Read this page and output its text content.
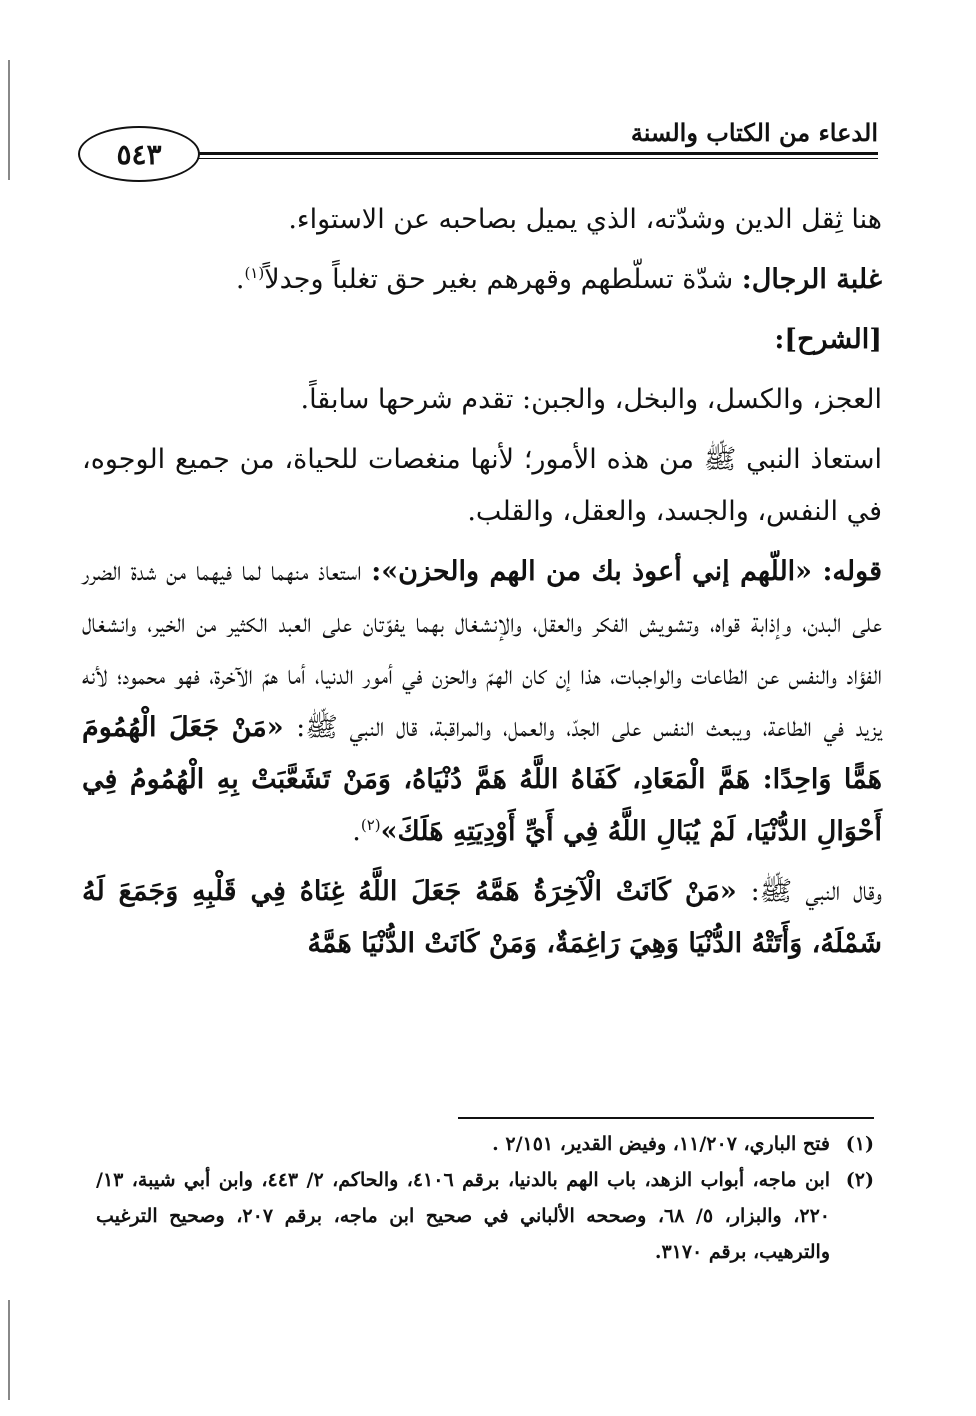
الدعاء من الكتاب والسنة
٥٤٣

هنا ثِقل الدين وشدّته، الذي يميل بصاحبه عن الاستواء.

غلبة الرجال: شدّة تسلّطهم وقهرهم بغير حق تغلباً وجدلاً$^{(١)}$.

[الشرح]:

العجز، والكسل، والبخل، والجبن: تقدم شرحها سابقاً.

استعاذ النبي ﷺ من هذه الأمور؛ لأنها منغصات للحياة، من جميع الوجوه، في النفس، والجسد، والعقل، والقلب.

قوله: «اللّهم إني أعوذ بك من الهم والحزن»: استعاذ منهما لما فيهما من شدة الضرر على البدن، وإذابة قواه، وتشويش الفكر والعقل، والإنشغال بهما يفوّتان على العبد الكثير من الخير، وانشغال الفؤاد والنفس عن الطاعات والواجبات، هذا إن كان الهمّ والحزن في أمور الدنيا، أما همّ الآخرة، فهو محمود؛ لأنه يزيد في الطاعة، ويبعث النفس على الجدّ، والعمل، والمراقبة، قال النبي ﷺ: «مَنْ جَعَلَ الْهُمُومَ هَمًّا وَاحِدًا: هَمَّ الْمَعَادِ، كَفَاهُ اللَّهُ هَمَّ دُنْيَاهُ، وَمَنْ تَشَعَّبَتْ بِهِ الْهُمُومُ فِي أَحْوَالِ الدُّنْيَا، لَمْ يُبَالِ اللَّهُ فِي أَيِّ أَوْدِيَتِهِ هَلَكَ»$^{(٢)}$.

وقال النبي ﷺ: «مَنْ كَانَتْ الْآخِرَةُ هَمَّهُ جَعَلَ اللَّهُ غِنَاهُ فِي قَلْبِهِ وَجَمَعَ لَهُ شَمْلَهُ، وَأَتَتْهُ الدُّنْيَا وَهِيَ رَاغِمَةٌ، وَمَنْ كَانَتْ الدُّنْيَا هَمَّهُ

(١)
فتح الباري، ١١/٢٠٧، وفيض القدير، ٢/١٥١ .
(٢)
ابن ماجه، أبواب الزهد، باب الهم بالدنيا، برقم ٤١٠٦، والحاكم، ٢/ ٤٤٣، وابن أبي شيبة، ١٣/ ٢٢٠، والبزار، ٥/ ٦٨، وصححه الألباني في صحيح ابن ماجه، برقم ٢٠٧، وصحيح الترغيب والترهيب، برقم ٣١٧٠.
